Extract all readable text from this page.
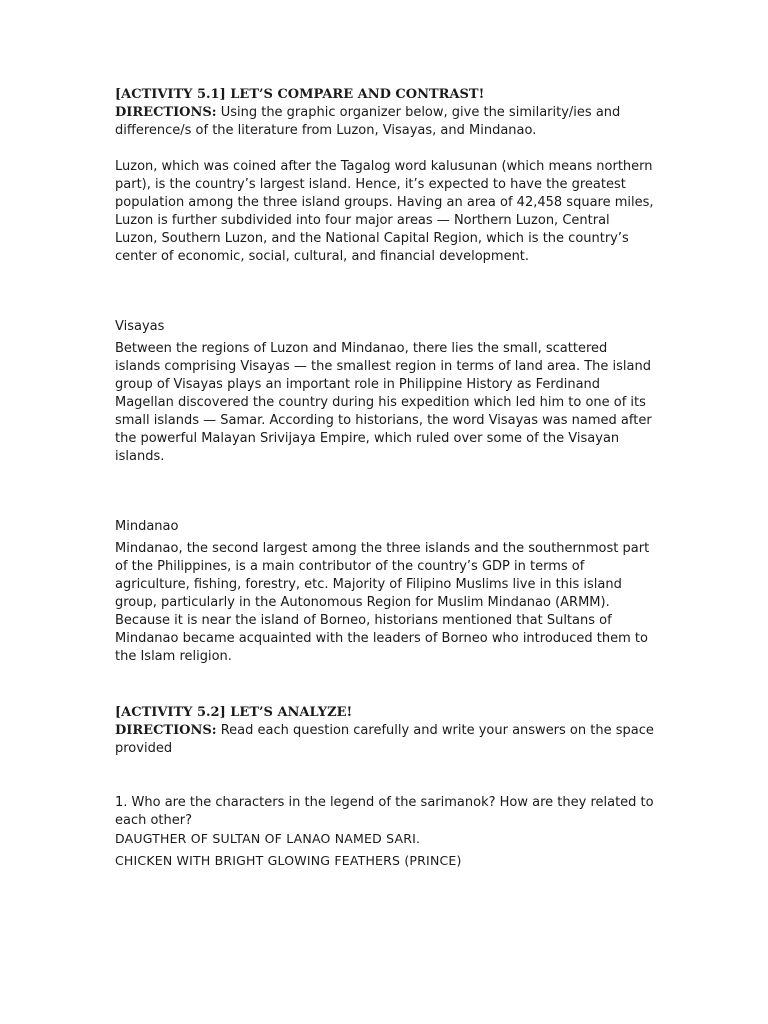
[ACTIVITY 5.1] LET’S COMPARE AND CONTRAST!

DIRECTIONS: Using the graphic organizer below, give the similarity/ies and difference/s of the literature from Luzon, Visayas, and Mindanao.

Luzon, which was coined after the Tagalog word kalusunan (which means northern part), is the country’s largest island. Hence, it’s expected to have the greatest population among the three island groups. Having an area of 42,458 square miles, Luzon is further subdivided into four major areas — Northern Luzon, Central Luzon, Southern Luzon, and the National Capital Region, which is the country’s center of economic, social, cultural, and financial development.

Visayas

Between the regions of Luzon and Mindanao, there lies the small, scattered islands comprising Visayas — the smallest region in terms of land area. The island group of Visayas plays an important role in Philippine History as Ferdinand Magellan discovered the country during his expedition which led him to one of its small islands — Samar. According to historians, the word Visayas was named after the powerful Malayan Srivijaya Empire, which ruled over some of the Visayan islands.

Mindanao

Mindanao, the second largest among the three islands and the southernmost part of the Philippines, is a main contributor of the country’s GDP in terms of agriculture, fishing, forestry, etc. Majority of Filipino Muslims live in this island group, particularly in the Autonomous Region for Muslim Mindanao (ARMM). Because it is near the island of Borneo, historians mentioned that Sultans of Mindanao became acquainted with the leaders of Borneo who introduced them to the Islam religion.

[ACTIVITY 5.2] LET’S ANALYZE!

DIRECTIONS: Read each question carefully and write your answers on the space provided

1. Who are the characters in the legend of the sarimanok? How are they related to each other?

DAUGTHER OF SULTAN OF LANAO NAMED SARI.

CHICKEN WITH BRIGHT GLOWING FEATHERS (PRINCE)
